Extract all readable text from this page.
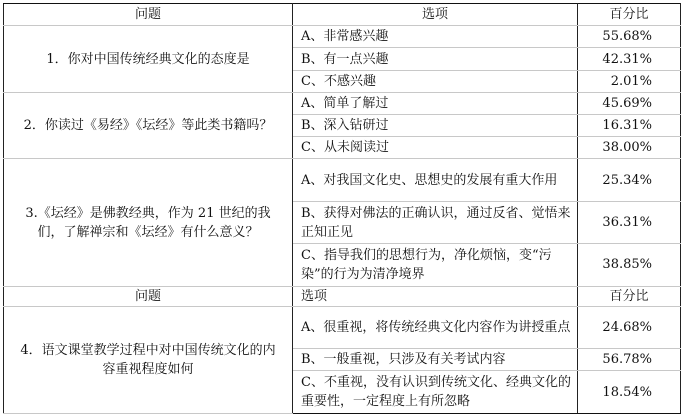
问题	选项	百分比
1．你对中国传统经典文化的态度是	A、非常感兴趣	55.68%
	B、有一点兴趣	42.31%
	C、不感兴趣	2.01%
2．你读过《易经》《坛经》等此类书籍吗？	A、简单了解过	45.69%
	B、深入钻研过	16.31%
	C、从未阅读过	38.00%
3.《坛经》是佛教经典，作为 21 世纪的我们，了解禅宗和《坛经》有什么意义？	A、对我国文化史、思想史的发展有重大作用	25.34%
	B、获得对佛法的正确认识，通过反省、觉悟来正知正见	36.31%
	C、指导我们的思想行为，净化烦恼，变“污染”的行为为清净境界	38.85%
问题	选项	百分比
4．语文课堂教学过程中对中国传统文化的内容重视程度如何	A、很重视，将传统经典文化内容作为讲授重点	24.68%
	B、一般重视，只涉及有关考试内容	56.78%
	C、不重视，没有认识到传统文化、经典文化的重要性，一定程度上有所忽略	18.54%
